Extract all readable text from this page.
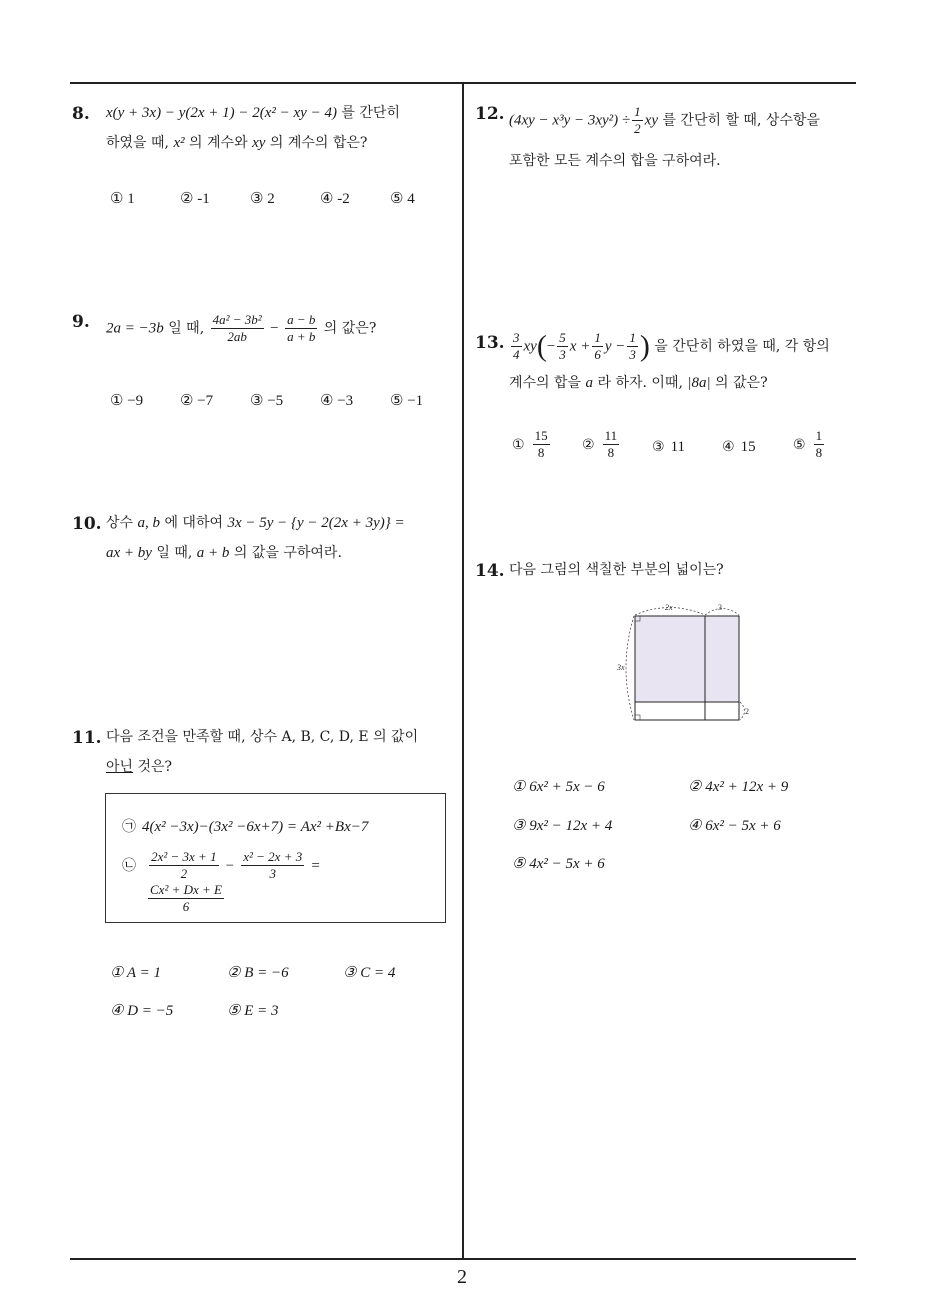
8. x(y + 3x) − y(2x + 1) − 2(x² − xy − 4) 를 간단히
하였을 때, x² 의 계수와 xy 의 계수의 합은?
① 1	② -1	③ 2	④ -2	⑤ 4
9. 2a = −3b 일 때, $\frac{\text{4a² − 3b²}}{2ab} - \frac{a - b}{a + b}$ 의 값은?
① −9 ② −7 ③ −5 ④ −3 ⑤ −1
10. 상수 a, b 에 대하여 3x − 5y − {y − 2(2x + 3y)} =
ax + by 일 때, a + b 의 값을 구하여라.
11. 다음 조건을 만족할 때, 상수 A, B, C, D, E 의 값이
아닌 것은?
㉠ 4(x² −3x)−(3x² −6x+7) = Ax² +Bx−7
㉡ $\frac{\text{2x² − 3x + 1}}{2} - \frac{\text{x² − 2x + 3}}{3}$ =
$\frac{\text{Cx² + Dx + E}}{6}$
① A = 1	② B = −6	③ C = 4
④ D = −5	⑤ E = 3
12. $(4xy - x^3y - 3xy^2) \div \frac{1}{2}$ xy 를 간단히 할 때, 상수항을
포함한 모든 계수의 합을 구하여라.
13. $\frac{3}{4} xy(- \frac{5}{3}$ $x + \frac{1}{6}$ $y - \frac{1}{3}$ ) 을 간단히 하였을 때, 각 항의
계수의 합을 a 라 하자. 이때, |8a| 의 값은?
① $\frac{15}{8}$ ② $\frac{11}{8}$ ③ 11	④ 15	⑤ $\frac{1}{8}$
14. 다음 그림의 색칠한 부분의 넓이는?
2x	3
3x
2
① 6x² + 5x − 6	② 4x² + 12x + 9
③ 9x² − 12x + 4	④ 6x² − 5x + 6
⑤ 4x² − 5x + 6
2
